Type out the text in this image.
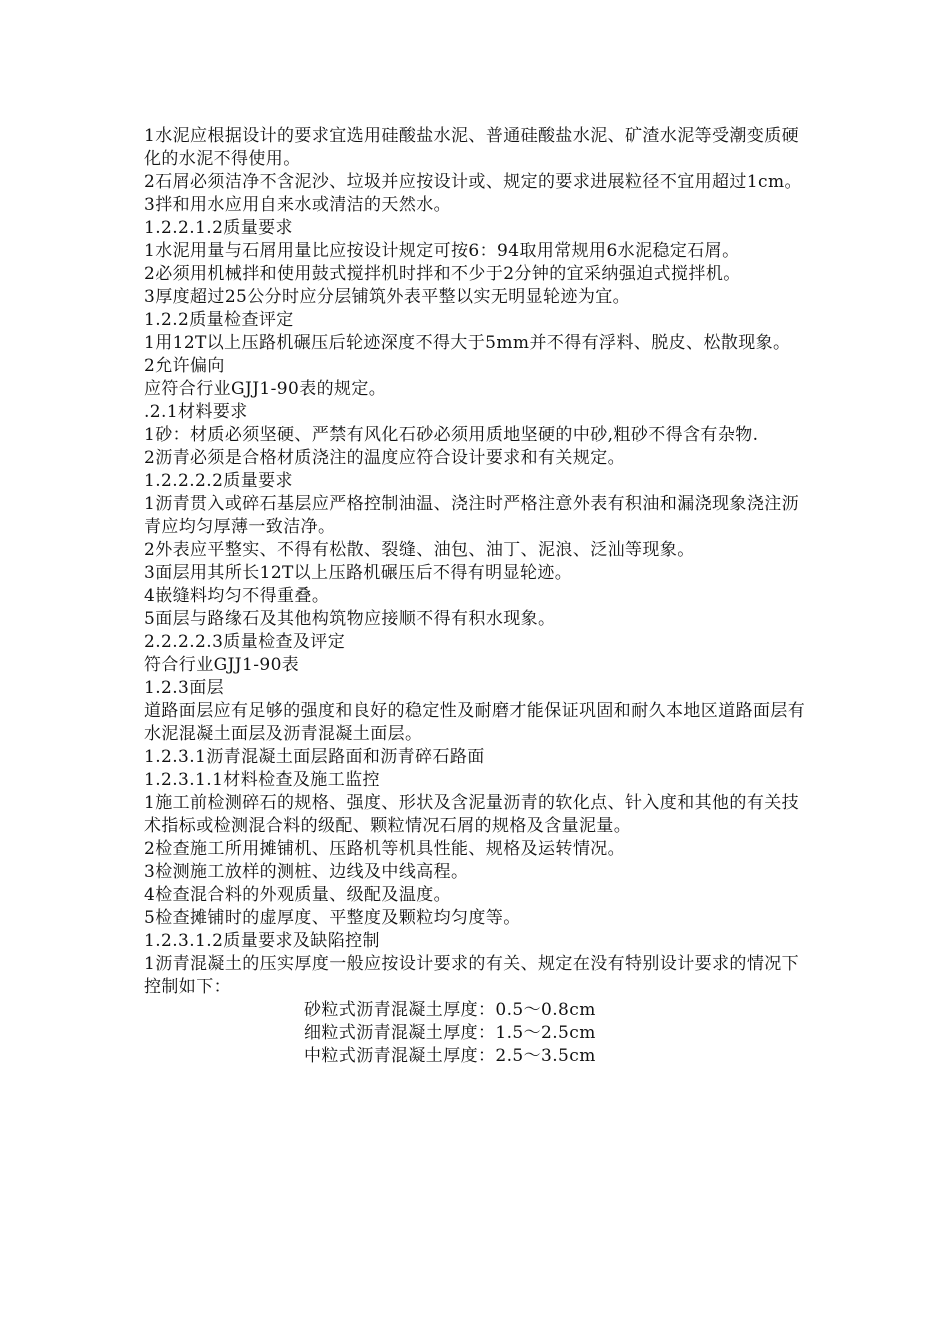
1水泥应根据设计的要求宜选用硅酸盐水泥、普通硅酸盐水泥、矿渣水泥等受潮变质硬化的水泥不得使用。

2石屑必须洁净不含泥沙、垃圾并应按设计或、规定的要求进展粒径不宜用超过1cm。

3拌和用水应用自来水或清洁的天然水。

1.2.2.1.2质量要求

1水泥用量与石屑用量比应按设计规定可按6：94取用常规用6水泥稳定石屑。

2必须用机械拌和使用鼓式搅拌机时拌和不少于2分钟的宜采纳强迫式搅拌机。

3厚度超过25公分时应分层铺筑外表平整以实无明显轮迹为宜。

1.2.2质量检查评定

1用12T以上压路机碾压后轮迹深度不得大于5mm并不得有浮料、脱皮、松散现象。

2允许偏向

应符合行业GJJ1-90表的规定。

.2.1材料要求

1砂：材质必须坚硬、严禁有风化石砂必须用质地坚硬的中砂,粗砂不得含有杂物.

2沥青必须是合格材质浇注的温度应符合设计要求和有关规定。

1.2.2.2.2质量要求

1沥青贯入或碎石基层应严格控制油温、浇注时严格注意外表有积油和漏浇现象浇注沥青应均匀厚薄一致洁净。

2外表应平整实、不得有松散、裂缝、油包、油丁、泥浪、泛汕等现象。

3面层用其所长12T以上压路机碾压后不得有明显轮迹。

4嵌缝料均匀不得重叠。

5面层与路缘石及其他构筑物应接顺不得有积水现象。

2.2.2.2.3质量检查及评定

符合行业GJJ1-90表

1.2.3面层

道路面层应有足够的强度和良好的稳定性及耐磨才能保证巩固和耐久本地区道路面层有水泥混凝土面层及沥青混凝土面层。

1.2.3.1沥青混凝土面层路面和沥青碎石路面

1.2.3.1.1材料检查及施工监控

1施工前检测碎石的规格、强度、形状及含泥量沥青的软化点、针入度和其他的有关技术指标或检测混合料的级配、颗粒情况石屑的规格及含量泥量。

2检查施工所用摊铺机、压路机等机具性能、规格及运转情况。

3检测施工放样的测桩、边线及中线高程。

4检查混合料的外观质量、级配及温度。

5检查摊铺时的虚厚度、平整度及颗粒均匀度等。

1.2.3.1.2质量要求及缺陷控制

1沥青混凝土的压实厚度一般应按设计要求的有关、规定在没有特别设计要求的情况下控制如下：

砂粒式沥青混凝土厚度：0.5～0.8cm

细粒式沥青混凝土厚度：1.5～2.5cm

中粒式沥青混凝土厚度：2.5～3.5cm
